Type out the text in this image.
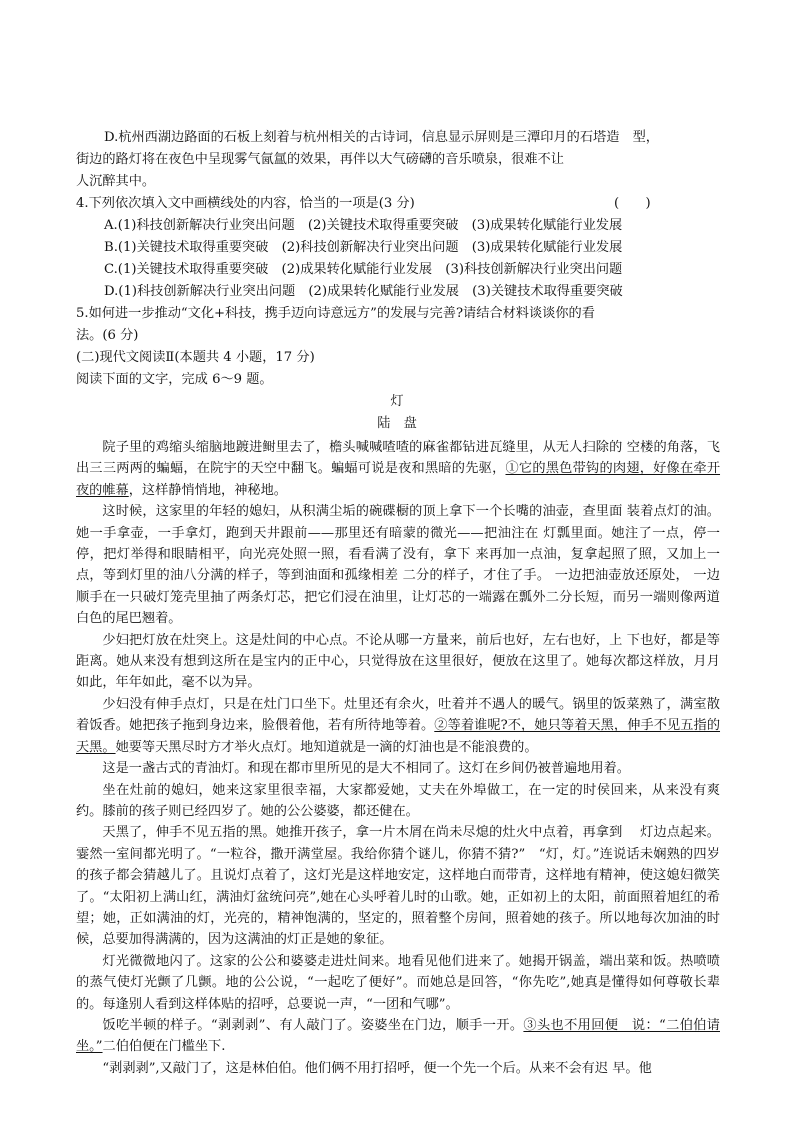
D.杭州西湖边路面的石板上刻着与杭州相关的古诗词，信息显示屏则是三潭印月的石塔造　型，
街边的路灯将在夜色中呈现雾气氤氲的效果，再伴以大气磅礴的音乐喷泉，很难不让
人沉醉其中。
4.下列依次填入文中画横线处的内容，恰当的一项是(3 分)	(　　)
A.(1)科技创新解决行业突出问题　(2)关键技术取得重要突破　(3)成果转化赋能行业发展
B.(1)关键技术取得重要突破　(2)科技创新解决行业突出问题　(3)成果转化赋能行业发展
C.(1)关键技术取得重要突破　(2)成果转化赋能行业发展　(3)科技创新解决行业突出问题
D.(1)科技创新解决行业突出问题　(2)成果转化赋能行业发展　(3)关键技术取得重要突破
5.如何进一步推动“文化+科技，携手迈向诗意远方”的发展与完善?请结合材料谈谈你的看
法。(6 分)
(二)现代文阅读Ⅱ(本题共 4 小题，17 分)
阅读下面的文字，完成 6～9 题。
灯
陆　盘

院子里的鸡缩头缩脑地踱进鲥里去了，檐头喊喊喳喳的麻雀都钻进瓦缝里，从无人扫除的 空楼的角落，飞出三三两两的蝙蝠，在院宇的天空中翻飞。蝙蝠可说是夜和黑暗的先驱，①它的黑色带钩的肉翅，好像在牵开夜的帷幕，这样静悄悄地，神秘地。

这时候，这家里的年轻的媳妇，从积满尘垢的碗碟橱的顶上拿下一个长嘴的油壶，查里面 装着点灯的油。她一手拿壶，一手拿灯，跑到天井跟前——那里还有暗蒙的微光——把油注在 灯瓢里面。她注了一点，停一停，把灯举得和眼睛相平，向光亮处照一照，看看满了没有，拿下 来再加一点油，复拿起照了照，又加上一点，等到灯里的油八分满的样子，等到油面和孤缘相差 二分的样子，才住了手。 一边把油壶放还原处， 一边顺手在一只破灯笼壳里抽了两条灯芯，把它们浸在油里，让灯芯的一端露在瓢外二分长短，而另一端则像两道白色的尾巴翘着。

少妇把灯放在灶突上。这是灶间的中心点。不论从哪一方量来，前后也好，左右也好，上 下也好，都是等距离。她从来没有想到这所在是宝内的正中心，只觉得放在这里很好，便放在这里了。她每次都这样放，月月如此，年年如此，毫不以为异。

少妇没有伸手点灯，只是在灶门口坐下。灶里还有余火，吐着并不遇人的暖气。锅里的饭菜熟了，满室散着饭香。她把孩子拖到身边来，脸偎着他，若有所待地等着。②等着谁呢?不，她只等着天黑，伸手不见五指的天黑。她要等天黑尽时方才举火点灯。地知道就是一滴的灯油也是不能浪费的。

这是一盏古式的青油灯。和现在都市里所见的是大不相同了。这灯在乡间仍被普遍地用着。

坐在灶前的媳妇，她来这家里很幸福，大家都爱她，丈夫在外埠做工，在一定的时侯回来，从来没有爽约。膝前的孩子则已经四岁了。她的公公婆婆，都还健在。

天黑了，伸手不见五指的黑。她推开孩子，拿一片木屑在尚未尽熄的灶火中点着，再拿到　 灯边点起来。霎然一室间都光明了。“一粒谷，撒开满堂屋。我给你猜个谜儿，你猜不猜?”　“灯，灯。”连说话未娴熟的四岁的孩子都会猜越儿了。且说灯点着了，这灯光是这样地安定，这样地白而带青，这样地有精神，使这媳妇微笑了。“太阳初上满山红，满油灯盆统问亮”,她在心头呼着儿时的山歌。她，正如初上的太阳，前面照着旭红的希望；她，正如满油的灯，光亮的，精神饱满的，坚定的，照着整个房间，照着她的孩子。所以地每次加油的时候，总要加得满满的，因为这满油的灯正是她的象征。

灯光微微地闪了。这家的公公和婆婆走进灶间来。地看见他们进来了。她揭开锅盖，端出菜和饭。热喷喷的蒸气使灯光颤了几颤。地的公公说，“一起吃了便好”。而她总是回答，“你先吃”,她真是懂得如何尊敬长辈的。每逢别人看到这样体贴的招呼，总要说一声，“一团和气哪”。

饭吃半顿的样子。“剥剥剥”、有人敲门了。姿婆坐在门边，顺手一开。③头也不用回便　说：“二伯伯请坐。”二伯伯便在门槛坐下.

“剥剥剥”,又敲门了，这是林伯伯。他们俩不用打招呼，便一个先一个后。从来不会有迟 早。他
